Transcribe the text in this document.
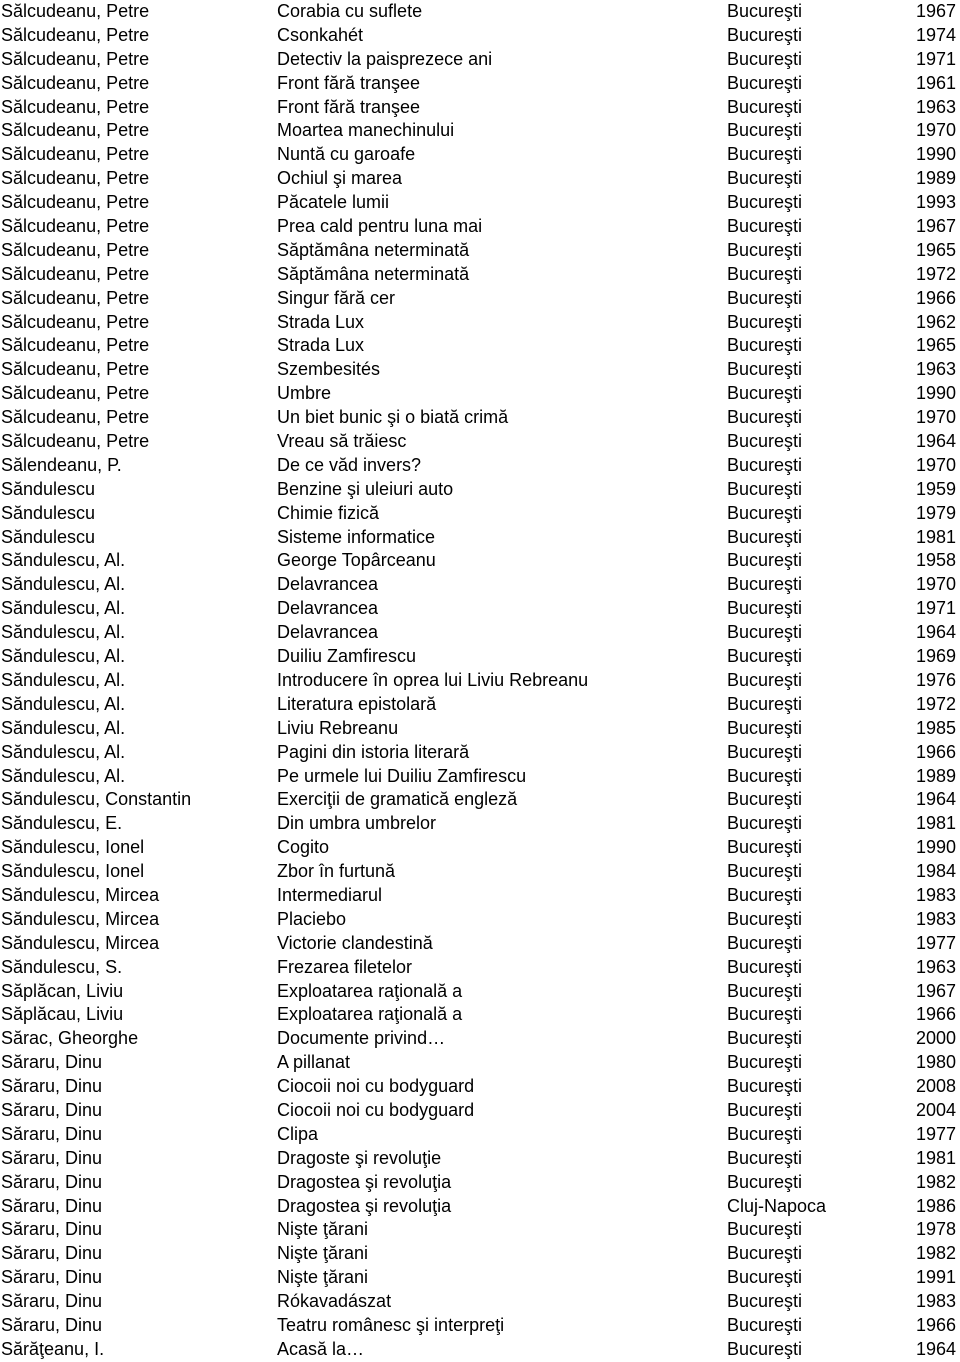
Sălcudeanu, Petre	Corabia cu suflete	Bucureşti	1967
Sălcudeanu, Petre	Csonkahét	Bucureşti	1974
Sălcudeanu, Petre	Detectiv la paisprezece ani	Bucureşti	1971
Sălcudeanu, Petre	Front fără tranşee	Bucureşti	1961
Sălcudeanu, Petre	Front fără tranşee	Bucureşti	1963
Sălcudeanu, Petre	Moartea manechinului	Bucureşti	1970
Sălcudeanu, Petre	Nuntă cu garoafe	Bucureşti	1990
Sălcudeanu, Petre	Ochiul şi marea	Bucureşti	1989
Sălcudeanu, Petre	Păcatele lumii	Bucureşti	1993
Sălcudeanu, Petre	Prea cald pentru luna mai	Bucureşti	1967
Sălcudeanu, Petre	Săptămâna neterminată	Bucureşti	1965
Sălcudeanu, Petre	Săptămâna neterminată	Bucureşti	1972
Sălcudeanu, Petre	Singur fără cer	Bucureşti	1966
Sălcudeanu, Petre	Strada Lux	Bucureşti	1962
Sălcudeanu, Petre	Strada Lux	Bucureşti	1965
Sălcudeanu, Petre	Szembesités	Bucureşti	1963
Sălcudeanu, Petre	Umbre	Bucureşti	1990
Sălcudeanu, Petre	Un biet bunic şi o biată crimă	Bucureşti	1970
Sălcudeanu, Petre	Vreau să trăiesc	Bucureşti	1964
Sălendeanu, P.	De ce văd invers?	Bucureşti	1970
Săndulescu	Benzine şi uleiuri auto	Bucureşti	1959
Săndulescu	Chimie fizică	Bucureşti	1979
Săndulescu	Sisteme informatice	Bucureşti	1981
Săndulescu, Al.	George Topârceanu	Bucureşti	1958
Săndulescu, Al.	Delavrancea	Bucureşti	1970
Săndulescu, Al.	Delavrancea	Bucureşti	1971
Săndulescu, Al.	Delavrancea	Bucureşti	1964
Săndulescu, Al.	Duiliu Zamfirescu	Bucureşti	1969
Săndulescu, Al.	Introducere în oprea lui Liviu Rebreanu	Bucureşti	1976
Săndulescu, Al.	Literatura epistolară	Bucureşti	1972
Săndulescu, Al.	Liviu Rebreanu	Bucureşti	1985
Săndulescu, Al.	Pagini din istoria literară	Bucureşti	1966
Săndulescu, Al.	Pe urmele lui Duiliu Zamfirescu	Bucureşti	1989
Săndulescu, Constantin	Exerciţii de gramatică engleză	Bucureşti	1964
Săndulescu, E.	Din umbra umbrelor	Bucureşti	1981
Săndulescu, Ionel	Cogito	Bucureşti	1990
Săndulescu, Ionel	Zbor în furtună	Bucureşti	1984
Săndulescu, Mircea	Intermediarul	Bucureşti	1983
Săndulescu, Mircea	Placiebo	Bucureşti	1983
Săndulescu, Mircea	Victorie clandestină	Bucureşti	1977
Săndulescu, S.	Frezarea filetelor	Bucureşti	1963
Săplăcan, Liviu	Exploatarea raţională a	Bucureşti	1967
Săplăcau, Liviu	Exploatarea raţională a	Bucureşti	1966
Sărac, Gheorghe	Documente privind…	Bucureşti	2000
Săraru, Dinu	A pillanat	Bucureşti	1980
Săraru, Dinu	Ciocoii noi cu bodyguard	Bucureşti	2008
Săraru, Dinu	Ciocoii noi cu bodyguard	Bucureşti	2004
Săraru, Dinu	Clipa	Bucureşti	1977
Săraru, Dinu	Dragoste şi revoluţie	Bucureşti	1981
Săraru, Dinu	Dragostea şi revoluţia	Bucureşti	1982
Săraru, Dinu	Dragostea şi revoluţia	Cluj-Napoca	1986
Săraru, Dinu	Nişte ţărani	Bucureşti	1978
Săraru, Dinu	Nişte ţărani	Bucureşti	1982
Săraru, Dinu	Nişte ţărani	Bucureşti	1991
Săraru, Dinu	Rókavadászat	Bucureşti	1983
Săraru, Dinu	Teatru românesc şi interpreţi	Bucureşti	1966
Sărăţeanu, I.	Acasă la…	Bucureşti	1964
